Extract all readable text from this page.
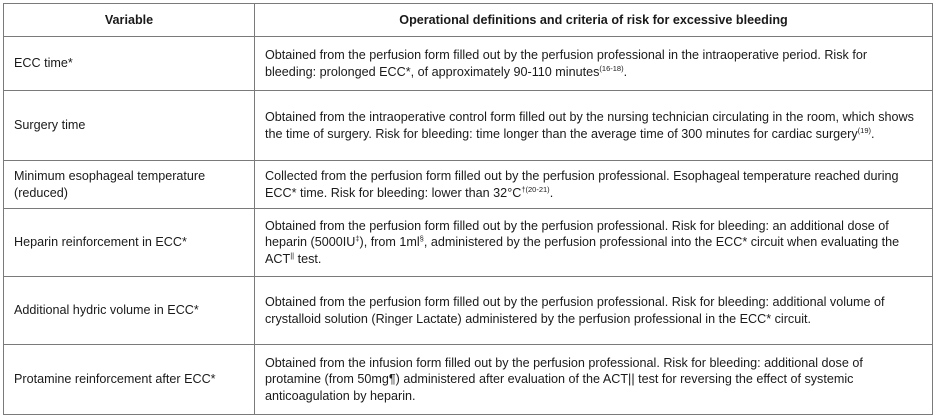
Variable	Operational definitions and criteria of risk for excessive bleeding
ECC time*	Obtained from the perfusion form filled out by the perfusion professional in the intraoperative period. Risk for bleeding: prolonged ECC*, of approximately 90-110 minutes$^{(16-18)}$.
Surgery time	Obtained from the intraoperative control form filled out by the nursing technician circulating in the room, which shows the time of surgery. Risk for bleeding: time longer than the average time of 300 minutes for cardiac surgery$^{(19)}$.
Minimum esophageal temperature (reduced)	Collected from the perfusion form filled out by the perfusion professional. Esophageal temperature reached during ECC* time. Risk for bleeding: lower than $32^\circ C^{\dagger(20-21)}$.
Heparin reinforcement in ECC*	Obtained from the perfusion form filled out by the perfusion professional. Risk for bleeding: an additional dose of heparin (5000IU‡), from 1ml§, administered by the perfusion professional into the ECC* circuit when evaluating the ACT|| test.
Additional hydric volume in ECC*	Obtained from the perfusion form filled out by the perfusion professional. Risk for bleeding: additional volume of crystalloid solution (Ringer Lactate) administered by the perfusion professional in the ECC* circuit.
Protamine reinforcement after ECC*	Obtained from the infusion form filled out by the perfusion professional. Risk for bleeding: additional dose of protamine (from 50mg¶) administered after evaluation of the ACT|| test for reversing the effect of systemic anticoagulation by heparin.
